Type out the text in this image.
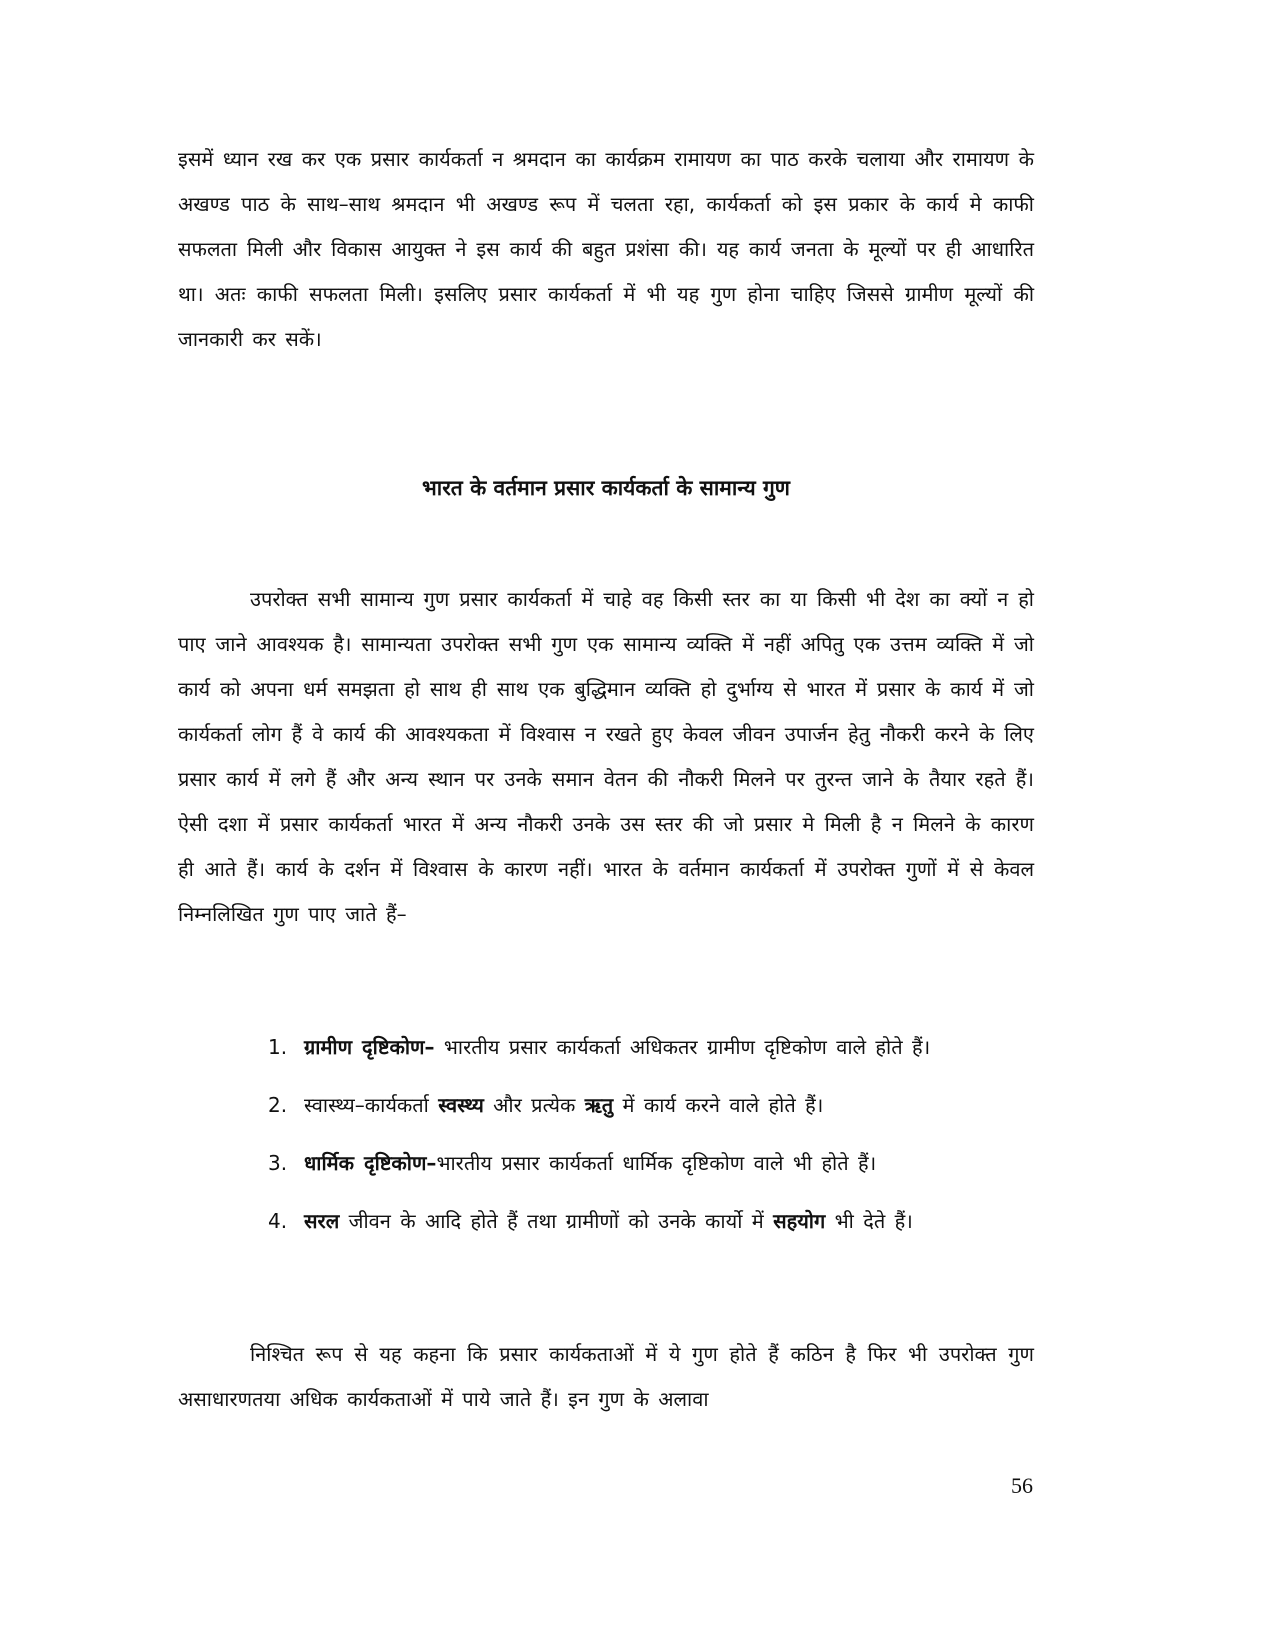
इसमें ध्यान रख कर एक प्रसार कार्यकर्ता न श्रमदान का कार्यक्रम रामायण का पाठ करके चलाया और रामायण के अखण्ड पाठ के साथ–साथ श्रमदान भी अखण्ड रूप में चलता रहा, कार्यकर्ता को इस प्रकार के कार्य मे काफी सफलता मिली और विकास आयुक्त ने इस कार्य की बहुत प्रशंसा की। यह कार्य जनता के मूल्यों पर ही आधारित था। अतः काफी सफलता मिली। इसलिए प्रसार कार्यकर्ता में भी यह गुण होना चाहिए जिससे ग्रामीण मूल्यों की जानकारी कर सकें।

भारत के वर्तमान प्रसार कार्यकर्ता के सामान्य गुण

उपरोक्त सभी सामान्य गुण प्रसार कार्यकर्ता में चाहे वह किसी स्तर का या किसी भी देश का क्यों न हो पाए जाने आवश्यक है। सामान्यता उपरोक्त सभी गुण एक सामान्य व्यक्ति में नहीं अपितु एक उत्तम व्यक्ति में जो कार्य को अपना धर्म समझता हो साथ ही साथ एक बुद्धिमान व्यक्ति हो दुर्भाग्य से भारत में प्रसार के कार्य में जो कार्यकर्ता लोग हैं वे कार्य की आवश्यकता में विश्वास न रखते हुए केवल जीवन उपार्जन हेतु नौकरी करने के लिए प्रसार कार्य में लगे हैं और अन्य स्थान पर उनके समान वेतन की नौकरी मिलने पर तुरन्त जाने के तैयार रहते हैं। ऐसी दशा में प्रसार कार्यकर्ता भारत में अन्य नौकरी उनके उस स्तर की जो प्रसार मे मिली है न मिलने के कारण ही आते हैं। कार्य के दर्शन में विश्वास के कारण नहीं। भारत के वर्तमान कार्यकर्ता में उपरोक्त गुणों में से केवल निम्नलिखित गुण पाए जाते हैं–

1. ग्रामीण दृष्टिकोण– भारतीय प्रसार कार्यकर्ता अधिकतर ग्रामीण दृष्टिकोण वाले होते हैं।
2. स्वास्थ्य–कार्यकर्ता स्वस्थ्य और प्रत्येक ऋतु में कार्य करने वाले होते हैं।
3. धार्मिक दृष्टिकोण–भारतीय प्रसार कार्यकर्ता धार्मिक दृष्टिकोण वाले भी होते हैं।
4. सरल जीवन के आदि होते हैं तथा ग्रामीणों को उनके कार्यो में सहयोग भी देते हैं।

निश्चित रूप से यह कहना कि प्रसार कार्यकताओं में ये गुण होते हैं कठिन है फिर भी उपरोक्त गुण असाधारणतया अधिक कार्यकताओं में पाये जाते हैं। इन गुण के अलावा

56
